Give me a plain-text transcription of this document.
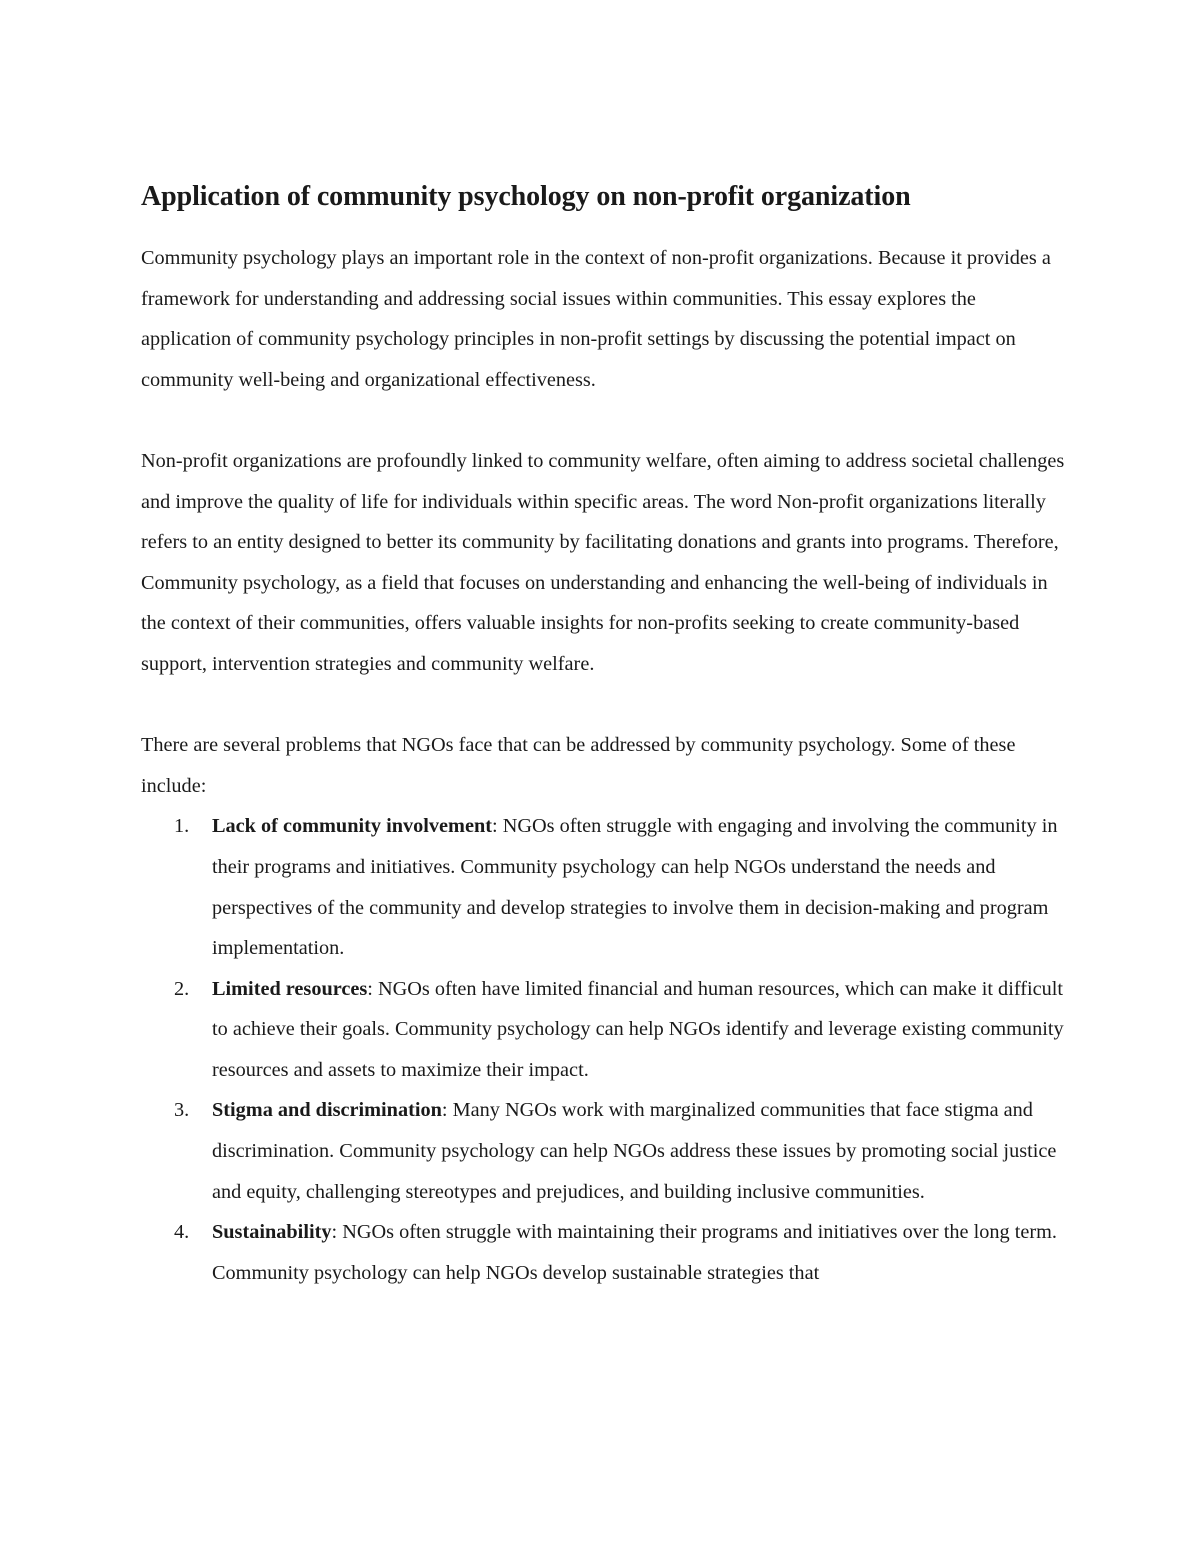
Application of community psychology on non-profit organization

Community psychology plays an important role in the context of non-profit organizations. Because it provides a framework for understanding and addressing social issues within communities. This essay explores the application of community psychology principles in non-profit settings by discussing the potential impact on community well-being and organizational effectiveness.

Non-profit organizations are profoundly linked to community welfare, often aiming to address societal challenges and improve the quality of life for individuals within specific areas. The word Non-profit organizations literally refers to an entity designed to better its community by facilitating donations and grants into programs. Therefore, Community psychology, as a field that focuses on understanding and enhancing the well-being of individuals in the context of their communities, offers valuable insights for non-profits seeking to create community-based support, intervention strategies and community welfare.

There are several problems that NGOs face that can be addressed by community psychology. Some of these include:

1. Lack of community involvement: NGOs often struggle with engaging and involving the community in their programs and initiatives. Community psychology can help NGOs understand the needs and perspectives of the community and develop strategies to involve them in decision-making and program implementation.
2. Limited resources: NGOs often have limited financial and human resources, which can make it difficult to achieve their goals. Community psychology can help NGOs identify and leverage existing community resources and assets to maximize their impact.
3. Stigma and discrimination: Many NGOs work with marginalized communities that face stigma and discrimination. Community psychology can help NGOs address these issues by promoting social justice and equity, challenging stereotypes and prejudices, and building inclusive communities.
4. Sustainability: NGOs often struggle with maintaining their programs and initiatives over the long term. Community psychology can help NGOs develop sustainable strategies that
